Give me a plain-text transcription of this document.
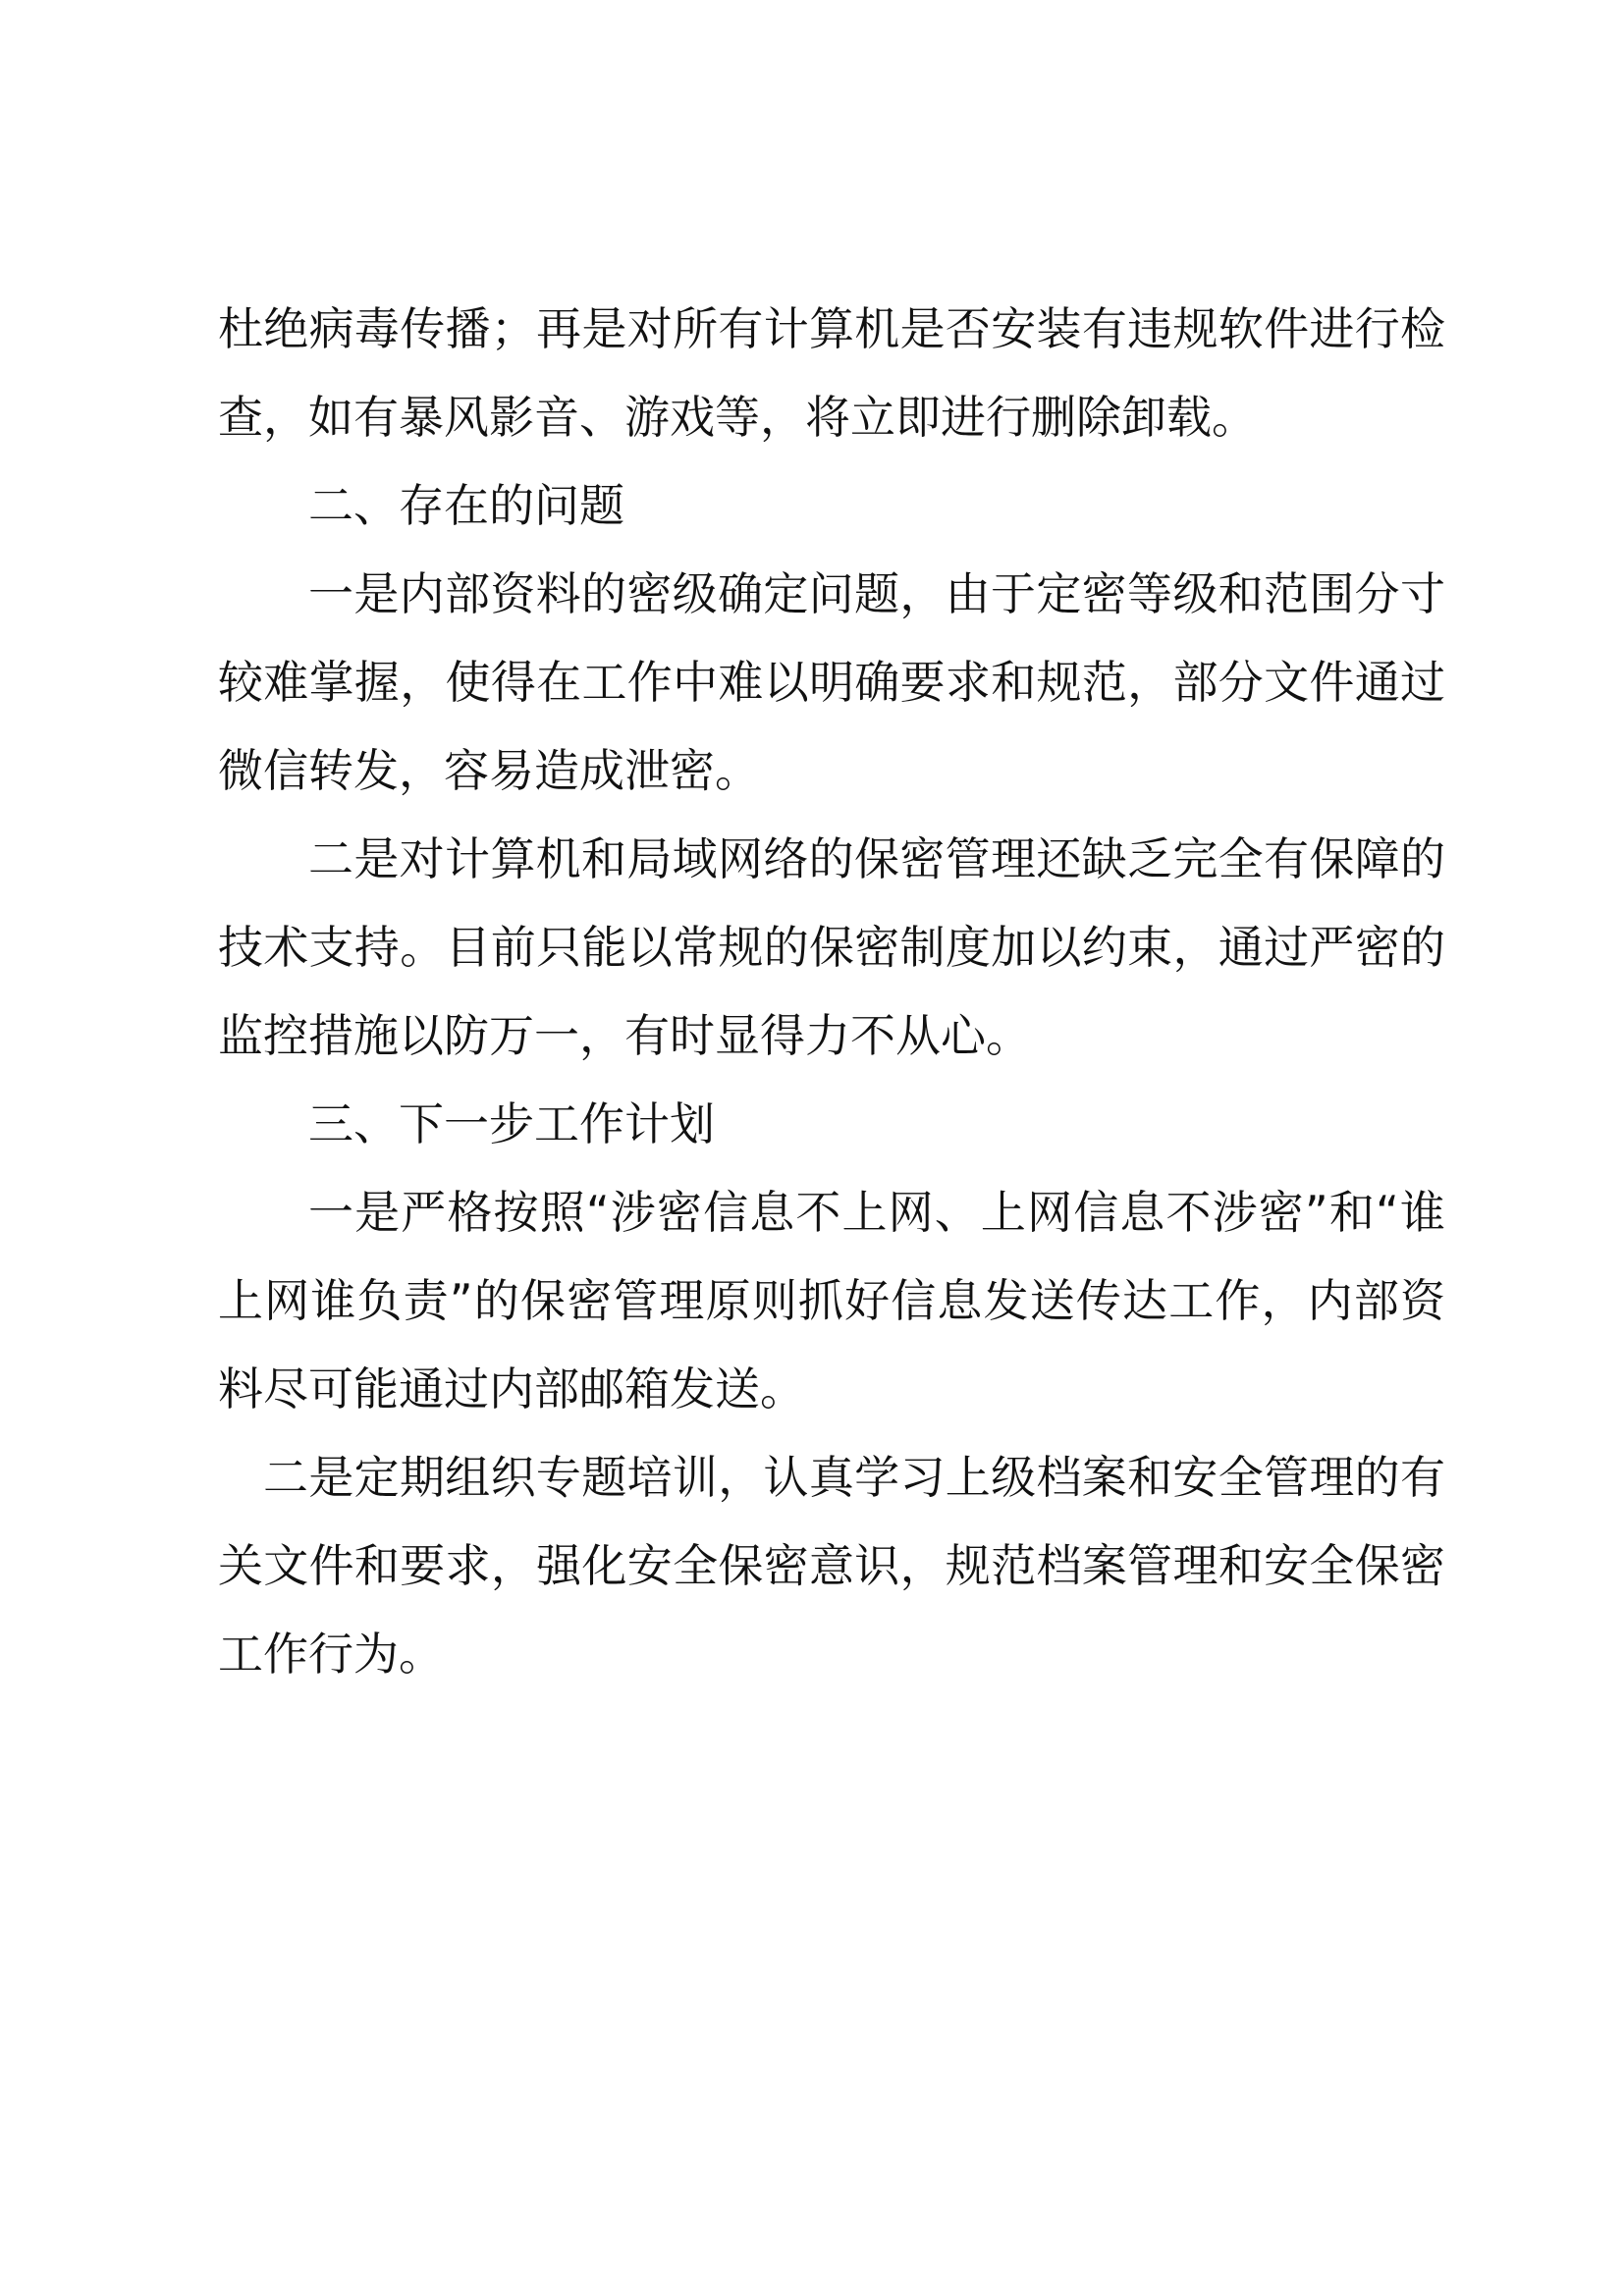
杜绝病毒传播；再是对所有计算机是否安装有违规软件进行检查，如有暴风影音、游戏等，将立即进行删除卸载。

二、存在的问题

一是内部资料的密级确定问题，由于定密等级和范围分寸较难掌握，使得在工作中难以明确要求和规范，部分文件通过微信转发，容易造成泄密。

二是对计算机和局域网络的保密管理还缺乏完全有保障的技术支持。目前只能以常规的保密制度加以约束，通过严密的监控措施以防万一，有时显得力不从心。

三、下一步工作计划

一是严格按照“涉密信息不上网、上网信息不涉密”和“谁上网谁负责”的保密管理原则抓好信息发送传达工作，内部资料尽可能通过内部邮箱发送。

二是定期组织专题培训，认真学习上级档案和安全管理的有关文件和要求，强化安全保密意识，规范档案管理和安全保密工作行为。
